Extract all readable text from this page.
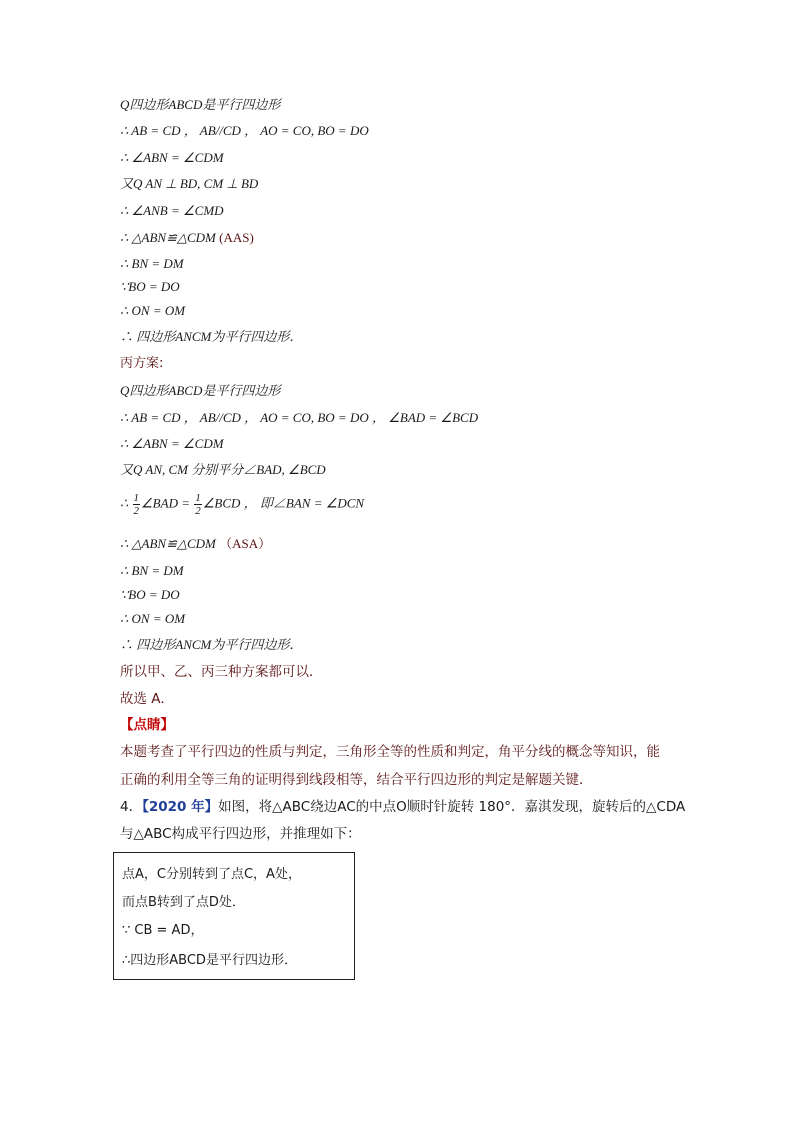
Q四边形ABCD是平行四边形
∴ AB = CD ， AB//CD ， AO = CO, BO = DO
∴ ∠ABN = ∠CDM
又Q AN ⊥ BD, CM ⊥ BD
∴ ∠ANB = ∠CMD
∴ △ABN≌△CDM (AAS)
∴ BN = DM
∵BO = DO
∴ ON = OM
∴ 四边形ANCM为平行四边形．
丙方案:
Q四边形ABCD是平行四边形
∴ AB = CD ， AB//CD ， AO = CO, BO = DO ， ∠BAD = ∠BCD
∴ ∠ABN = ∠CDM
又Q AN, CM 分别平分∠BAD, ∠BCD
∴ $\frac{1}{2}$ ∠BAD = $\frac{1}{2}$ ∠BCD ， 即∠BAN = ∠DCN
∴ △ABN≌△CDM （ASA）
∴ BN = DM
∵BO = DO
∴ ON = OM
∴ 四边形ANCM为平行四边形．
所以甲、乙、丙三种方案都可以．
故选 A．
【点睛】
本题考查了平行四边的性质与判定，三角形全等的性质和判定，角平分线的概念等知识，能
正确的利用全等三角的证明得到线段相等，结合平行四边形的判定是解题关键．
4．【2020 年】如图，将△ABC绕边AC的中点O顺时针旋转 180°．嘉淇发现，旋转后的△CDA
与△ABC构成平行四边形，并推理如下：
点A，C分别转到了点C，A处，
而点B转到了点D处．
∵ CB = AD，
∴四边形ABCD是平行四边形．
